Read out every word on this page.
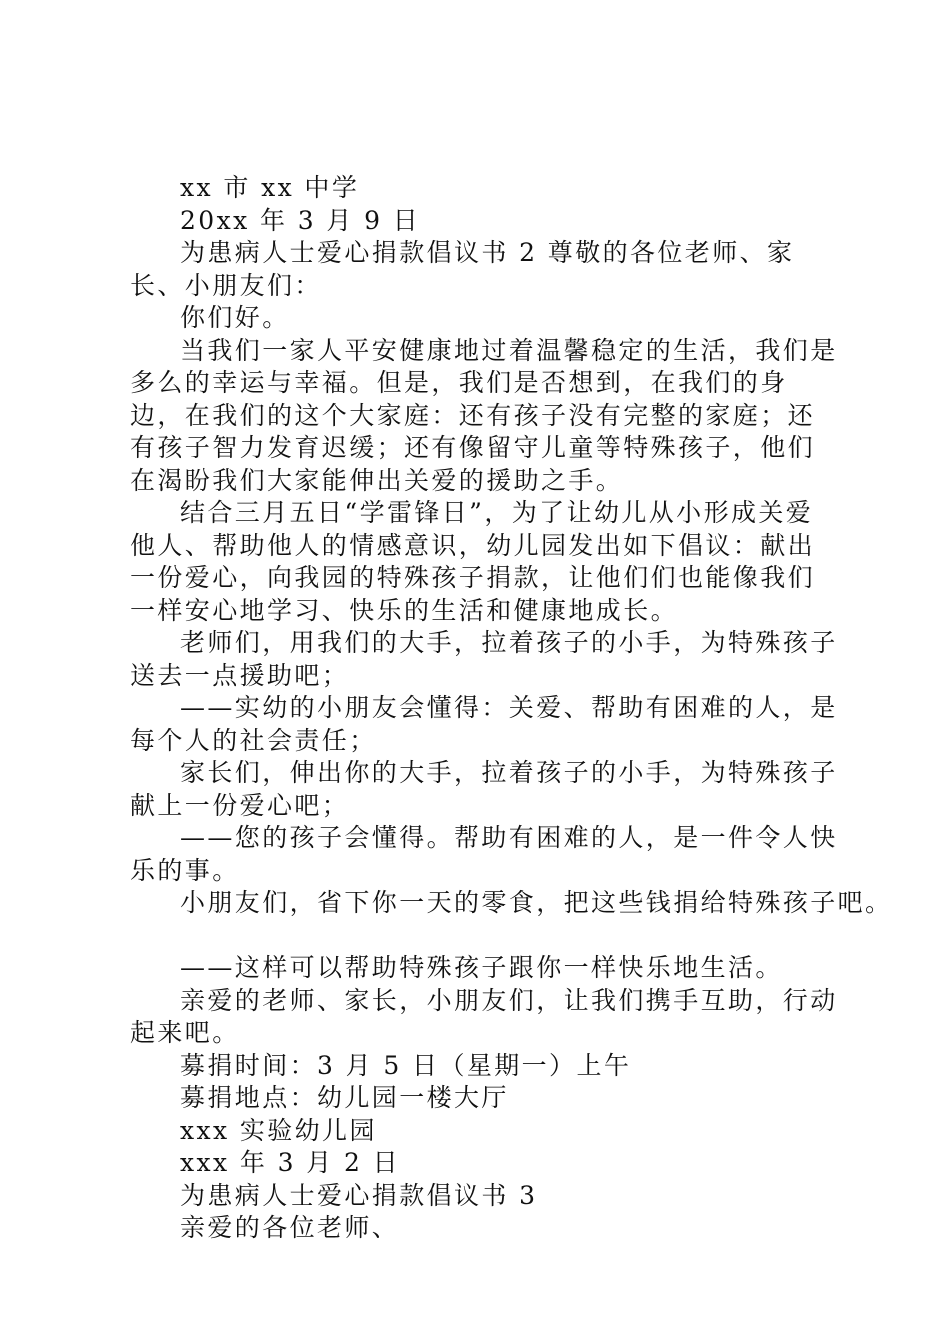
xx 市 xx 中学

20xx 年 3 月 9 日

为患病人士爱心捐款倡议书 2 尊敬的各位老师、家长、小朋友们：

你们好。

当我们一家人平安健康地过着温馨稳定的生活，我们是多么的幸运与幸福。但是，我们是否想到，在我们的身边，在我们的这个大家庭：还有孩子没有完整的家庭；还有孩子智力发育迟缓；还有像留守儿童等特殊孩子，他们在渴盼我们大家能伸出关爱的援助之手。

结合三月五日“学雷锋日”，为了让幼儿从小形成关爱他人、帮助他人的情感意识，幼儿园发出如下倡议：献出一份爱心，向我园的特殊孩子捐款，让他们们也能像我们一样安心地学习、快乐的生活和健康地成长。

老师们，用我们的大手，拉着孩子的小手，为特殊孩子送去一点援助吧；

——实幼的小朋友会懂得：关爱、帮助有困难的人，是每个人的社会责任；

家长们，伸出你的大手，拉着孩子的小手，为特殊孩子献上一份爱心吧；

——您的孩子会懂得。帮助有困难的人，是一件令人快乐的事。

小朋友们，省下你一天的零食，把这些钱捐给特殊孩子吧。

——这样可以帮助特殊孩子跟你一样快乐地生活。

亲爱的老师、家长，小朋友们，让我们携手互助，行动起来吧。

募捐时间：3 月 5 日（星期一）上午

募捐地点：幼儿园一楼大厅

xxx 实验幼儿园

xxx 年 3 月 2 日

为患病人士爱心捐款倡议书 3

亲爱的各位老师、
